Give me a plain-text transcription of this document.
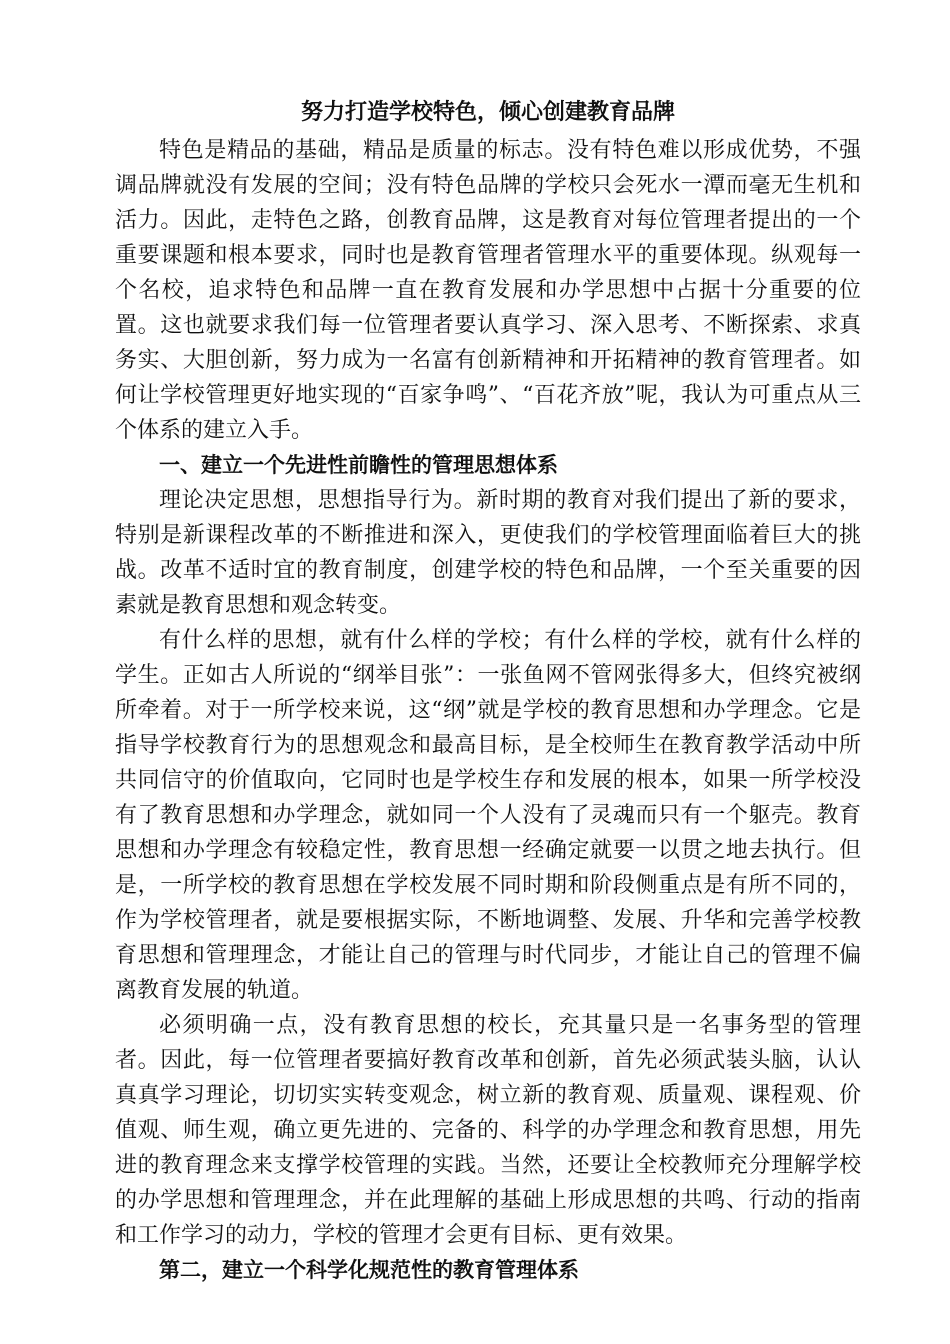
努力打造学校特色，倾心创建教育品牌

特色是精品的基础，精品是质量的标志。没有特色难以形成优势，不强调品牌就没有发展的空间；没有特色品牌的学校只会死水一潭而毫无生机和活力。因此，走特色之路，创教育品牌，这是教育对每位管理者提出的一个重要课题和根本要求，同时也是教育管理者管理水平的重要体现。纵观每一个名校，追求特色和品牌一直在教育发展和办学思想中占据十分重要的位置。这也就要求我们每一位管理者要认真学习、深入思考、不断探索、求真务实、大胆创新，努力成为一名富有创新精神和开拓精神的教育管理者。如何让学校管理更好地实现的“百家争鸣”、“百花齐放”呢，我认为可重点从三个体系的建立入手。

一、建立一个先进性前瞻性的管理思想体系

理论决定思想，思想指导行为。新时期的教育对我们提出了新的要求，特别是新课程改革的不断推进和深入，更使我们的学校管理面临着巨大的挑战。改革不适时宜的教育制度，创建学校的特色和品牌，一个至关重要的因素就是教育思想和观念转变。

有什么样的思想，就有什么样的学校；有什么样的学校，就有什么样的学生。正如古人所说的“纲举目张”：一张鱼网不管网张得多大，但终究被纲所牵着。对于一所学校来说，这“纲”就是学校的教育思想和办学理念。它是指导学校教育行为的思想观念和最高目标，是全校师生在教育教学活动中所共同信守的价值取向，它同时也是学校生存和发展的根本，如果一所学校没有了教育思想和办学理念，就如同一个人没有了灵魂而只有一个躯壳。教育思想和办学理念有较稳定性，教育思想一经确定就要一以贯之地去执行。但是，一所学校的教育思想在学校发展不同时期和阶段侧重点是有所不同的，作为学校管理者，就是要根据实际，不断地调整、发展、升华和完善学校教育思想和管理理念，才能让自己的管理与时代同步，才能让自己的管理不偏离教育发展的轨道。

必须明确一点，没有教育思想的校长，充其量只是一名事务型的管理者。因此，每一位管理者要搞好教育改革和创新，首先必须武装头脑，认认真真学习理论，切切实实转变观念，树立新的教育观、质量观、课程观、价值观、师生观，确立更先进的、完备的、科学的办学理念和教育思想，用先进的教育理念来支撑学校管理的实践。当然，还要让全校教师充分理解学校的办学思想和管理理念，并在此理解的基础上形成思想的共鸣、行动的指南和工作学习的动力，学校的管理才会更有目标、更有效果。

第二，建立一个科学化规范性的教育管理体系
